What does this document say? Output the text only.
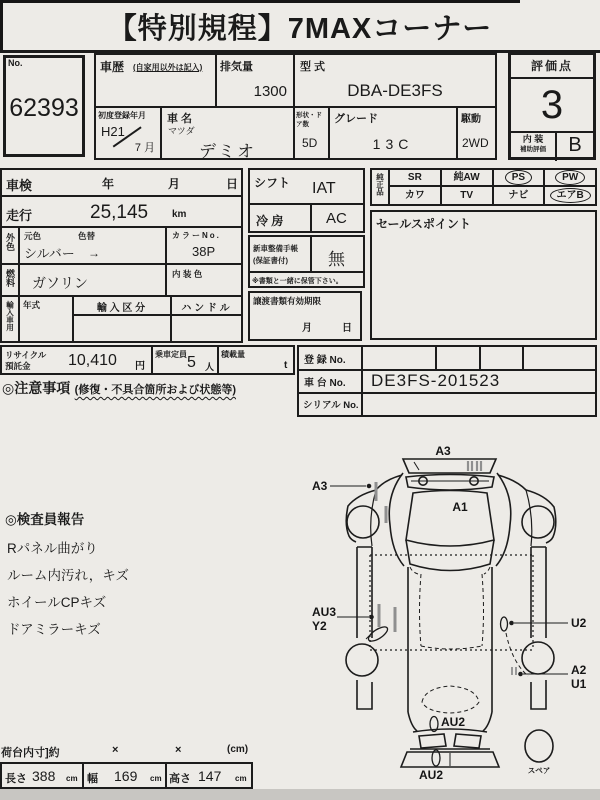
【特別規程】7MAXコーナー
No.
62393
車歴 (自家用以外は記入) 排気量
1300
型 式
DBA-DE3FS
初度登録年月
H21
7 月
車 名
マツダ
デミオ
形状・ドア数
5D
グレード
13C
駆動
2WD
評価点
3
内 装
補助評価	B
車検	年	月	日
走行	25,145 km
外色 元色	色替
シルバー →
カラーNo.
38P
燃料 ガソリン
内 装 色
輸入車用 年式	輸 入 区 分	ハ ン ド ル
リサイクル
預託金 10,410 円
乗車定員 5 人
積載量
t
◎注意事項 (修復・不具合箇所および状態等)
シフト IAT
冷 房	AC
新車整備手帳
(保証書付) 無
※書類と一緒に保管下さい。
譲渡書類有効期限
月	日
純正品	SR	純AW	PS	PW
カワ	TV	ナビ	エアB
セールスポイント
登 録 No.
車 台 No. DE3FS-201523
シリアル No.
◎検査員報告
Rパネル曲がり
ルーム内汚れ，キズ
ホイールCPキズ
ドアミラーキズ
A3
A3
A1
AU3
Y2	U2
A2
U1
AU2
AU2	スペア
荷台内寸]約	×	×	(cm)
長さ 388 cm 幅 169 cm 高さ 147 cm
